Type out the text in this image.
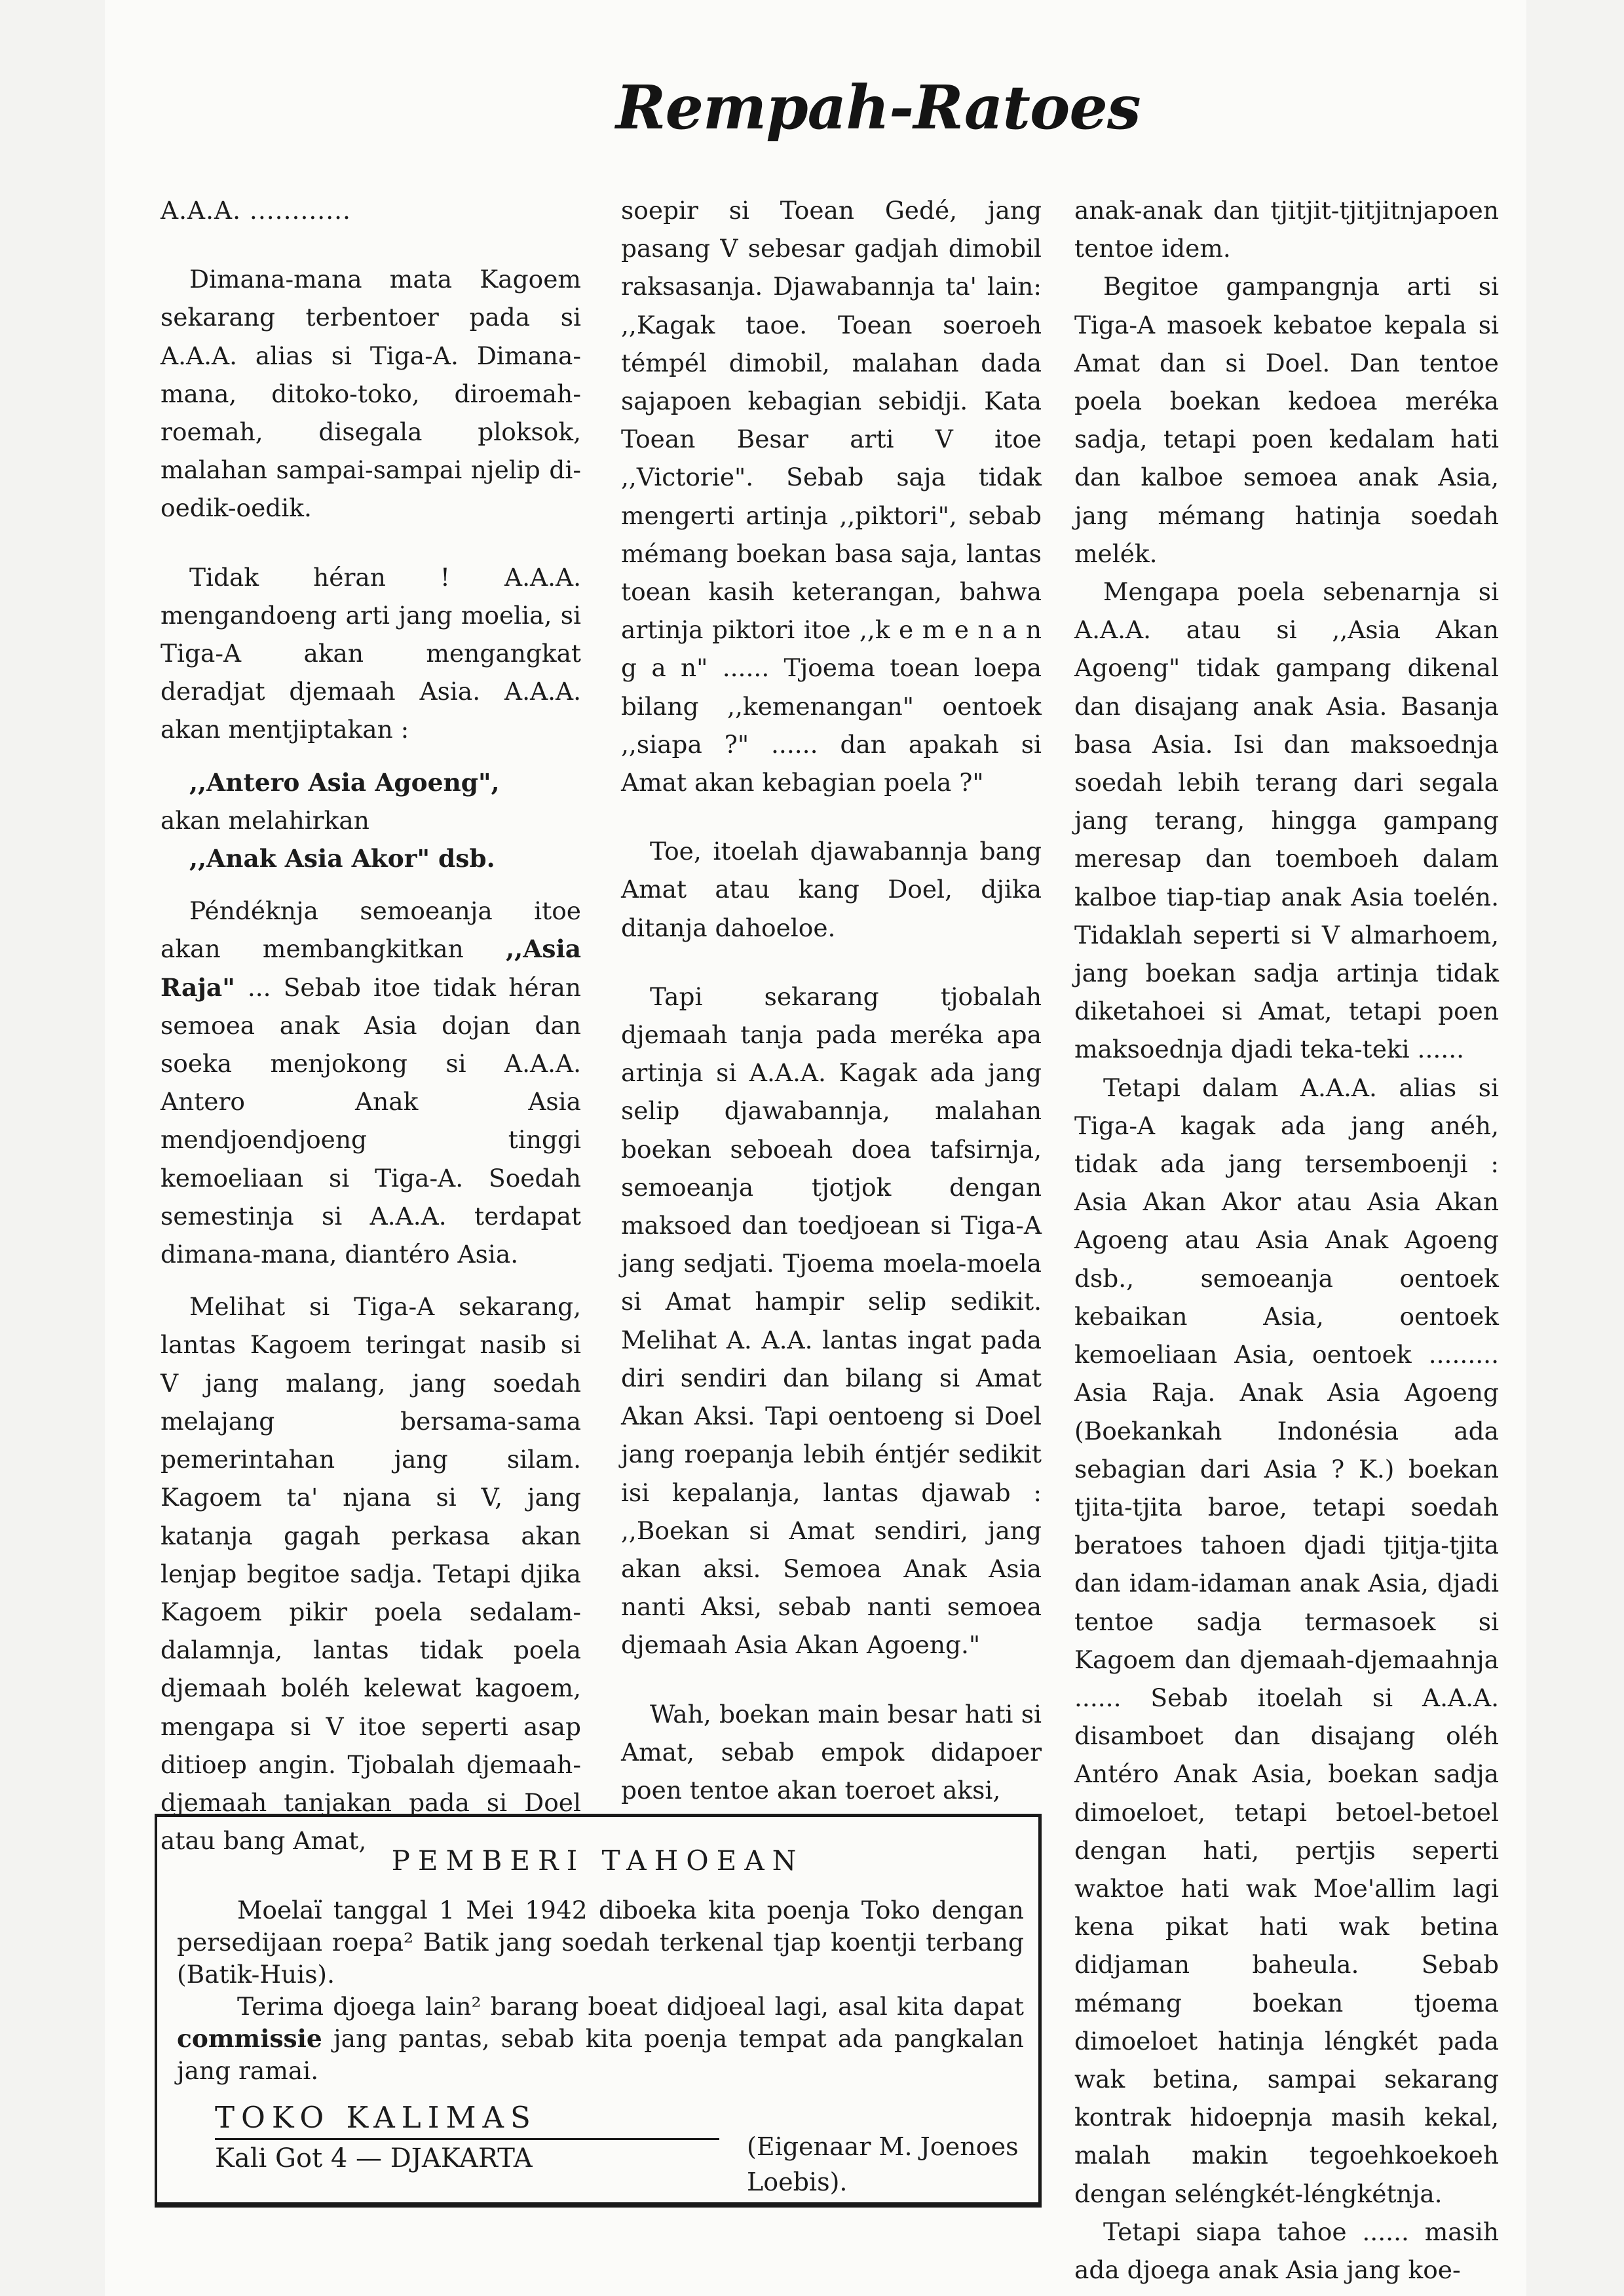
Rempah-Ratoes

A.A.A. ............

Dimana-mana mata Kagoem sekarang terbentoer pada si A.A.A. alias si Tiga-A. Dimana-mana, ditoko-toko, diroemah-roemah, disegala ploksok, malahan sampai-sampai njelip di-oedik-oedik.

Tidak héran ! A.A.A. mengandoeng arti jang moelia, si Tiga-A akan mengangkat deradjat djemaah Asia. A.A.A. akan mentjiptakan :

,,Antero Asia Agoeng",

akan melahirkan

,,Anak Asia Akor" dsb.

Péndéknja semoeanja itoe akan membangkitkan ,,Asia Raja" ... Sebab itoe tidak héran semoea anak Asia dojan dan soeka menjokong si A.A.A. Antero Anak Asia mendjoendjoeng tinggi kemoeliaan si Tiga-A. Soedah semestinja si A.A.A. terdapat dimana-mana, diantéro Asia.

Melihat si Tiga-A sekarang, lantas Kagoem teringat nasib si V jang malang, jang soedah melajang bersama-sama pemerintahan jang silam. Kagoem ta' njana si V, jang katanja gagah perkasa akan lenjap begitoe sadja. Tetapi djika Kagoem pikir poela sedalam-dalamnja, lantas tidak poela djemaah boléh kelewat kagoem, mengapa si V itoe seperti asap ditioep angin. Tjobalah djemaah-djemaah tanjakan pada si Doel atau bang Amat,

soepir si Toean Gedé, jang pasang V sebesar gadjah dimobil raksasanja. Djawabannja ta' lain: ,,Kagak taoe. Toean soeroeh témpél dimobil, malahan dada sajapoen kebagian sebidji. Kata Toean Besar arti V itoe ,,Victorie". Sebab saja tidak mengerti artinja ,,piktori", sebab mémang boekan basa saja, lantas toean kasih keterangan, bahwa artinja piktori itoe ,,k e m e n a n g a n" ...... Tjoema toean loepa bilang ,,kemenangan" oentoek ,,siapa ?" ...... dan apakah si Amat akan kebagian poela ?"

Toe, itoelah djawabannja bang Amat atau kang Doel, djika ditanja dahoeloe.

Tapi sekarang tjobalah djemaah tanja pada meréka apa artinja si A.A.A. Kagak ada jang selip djawabannja, malahan boekan seboeah doea tafsirnja, semoeanja tjotjok dengan maksoed dan toedjoean si Tiga-A jang sedjati. Tjoema moela-moela si Amat hampir selip sedikit. Melihat A. A.A. lantas ingat pada diri sendiri dan bilang si Amat Akan Aksi. Tapi oentoeng si Doel jang roepanja lebih éntjér sedikit isi kepalanja, lantas djawab : ,,Boekan si Amat sendiri, jang akan aksi. Semoea Anak Asia nanti Aksi, sebab nanti semoea djemaah Asia Akan Agoeng."

Wah, boekan main besar hati si Amat, sebab empok didapoer poen tentoe akan toeroet aksi,

anak-anak dan tjitjit-tjitjitnjapoen tentoe idem.

Begitoe gampangnja arti si Tiga-A masoek kebatoe kepala si Amat dan si Doel. Dan tentoe poela boekan kedoea meréka sadja, tetapi poen kedalam hati dan kalboe semoea anak Asia, jang mémang hatinja soedah melék.

Mengapa poela sebenarnja si A.A.A. atau si ,,Asia Akan Agoeng" tidak gampang dikenal dan disajang anak Asia. Basanja basa Asia. Isi dan maksoednja soedah lebih terang dari segala jang terang, hingga gampang meresap dan toemboeh dalam kalboe tiap-tiap anak Asia toelén. Tidaklah seperti si V almarhoem, jang boekan sadja artinja tidak diketahoei si Amat, tetapi poen maksoednja djadi teka-teki ......

Tetapi dalam A.A.A. alias si Tiga-A kagak ada jang anéh, tidak ada jang tersemboenji : Asia Akan Akor atau Asia Akan Agoeng atau Asia Anak Agoeng dsb., semoeanja oentoek kebaikan Asia, oentoek kemoeliaan Asia, oentoek ......... Asia Raja. Anak Asia Agoeng (Boekankah Indonésia ada sebagian dari Asia ? K.) boekan tjita-tjita baroe, tetapi soedah beratoes tahoen djadi tjitja-tjita dan idam-idaman anak Asia, djadi tentoe sadja termasoek si Kagoem dan djemaah-djemaahnja ...... Sebab itoelah si A.A.A. disamboet dan disajang oléh Antéro Anak Asia, boekan sadja dimoeloet, tetapi betoel-betoel dengan hati, pertjis seperti waktoe hati wak Moe'allim lagi kena pikat hati wak betina didjaman baheula. Sebab mémang boekan tjoema dimoeloet hatinja léngkét pada wak betina, sampai sekarang kontrak hidoepnja masih kekal, malah makin tegoehkoekoeh dengan seléngkét-léngkétnja.

Tetapi siapa tahoe ...... masih ada djoega anak Asia jang koe-

PEMBERI TAHOEAN

Moelaï tanggal 1 Mei 1942 diboeka kita poenja Toko dengan persedijaan roepa² Batik jang soedah terkenal tjap koentji terbang (Batik-Huis).

Terima djoega lain² barang boeat didjoeal lagi, asal kita dapat commissie jang pantas, sebab kita poenja tempat ada pangkalan jang ramai.

TOKO KALIMAS
Kali Got 4 — DJAKARTA	(Eigenaar M. Joenoes Loebis).
